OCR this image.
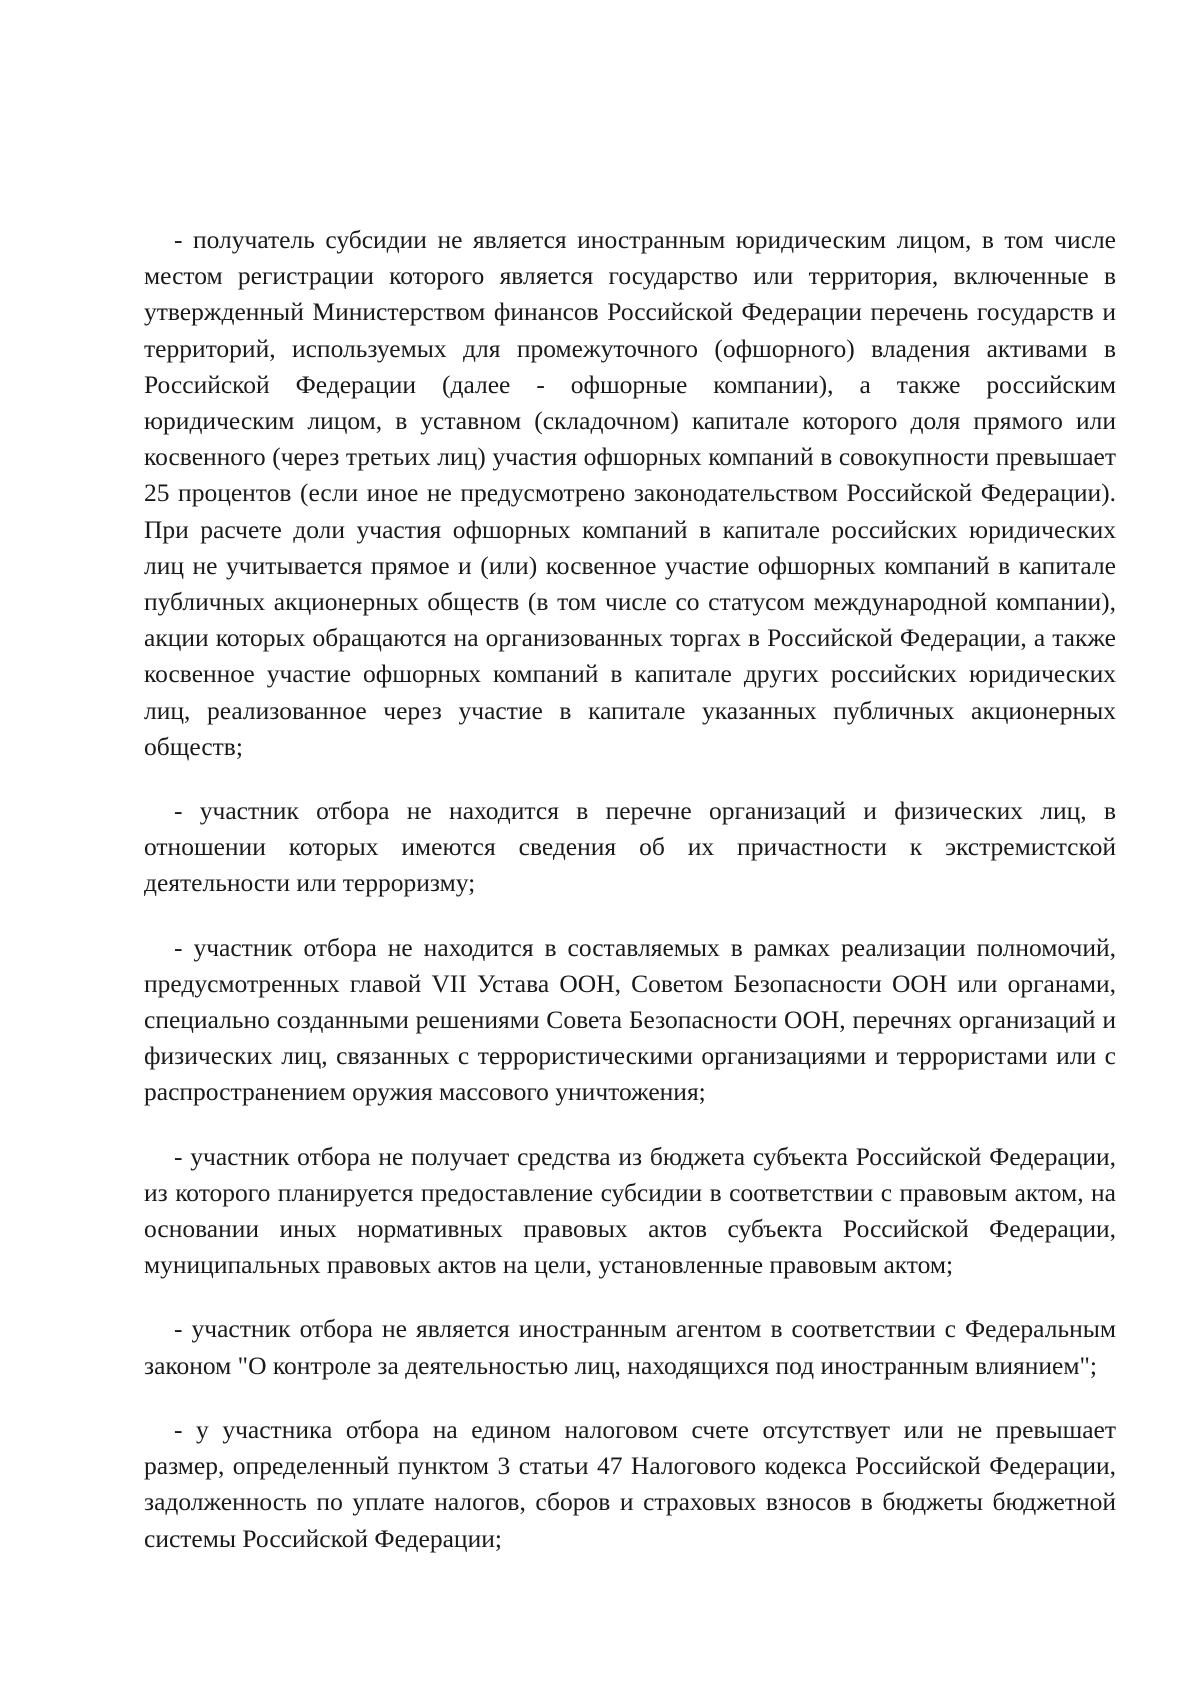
- получатель субсидии не является иностранным юридическим лицом, в том числе местом регистрации которого является государство или территория, включенные в утвержденный Министерством финансов Российской Федерации перечень государств и территорий, используемых для промежуточного (офшорного) владения активами в Российской Федерации (далее - офшорные компании), а также российским юридическим лицом, в уставном (складочном) капитале которого доля прямого или косвенного (через третьих лиц) участия офшорных компаний в совокупности превышает 25 процентов (если иное не предусмотрено законодательством Российской Федерации). При расчете доли участия офшорных компаний в капитале российских юридических лиц не учитывается прямое и (или) косвенное участие офшорных компаний в капитале публичных акционерных обществ (в том числе со статусом международной компании), акции которых обращаются на организованных торгах в Российской Федерации, а также косвенное участие офшорных компаний в капитале других российских юридических лиц, реализованное через участие в капитале указанных публичных акционерных обществ;

- участник отбора не находится в перечне организаций и физических лиц, в отношении которых имеются сведения об их причастности к экстремистской деятельности или терроризму;

- участник отбора не находится в составляемых в рамках реализации полномочий, предусмотренных главой VII Устава ООН, Советом Безопасности ООН или органами, специально созданными решениями Совета Безопасности ООН, перечнях организаций и физических лиц, связанных с террористическими организациями и террористами или с распространением оружия массового уничтожения;

- участник отбора не получает средства из бюджета субъекта Российской Федерации, из которого планируется предоставление субсидии в соответствии с правовым актом, на основании иных нормативных правовых актов субъекта Российской Федерации, муниципальных правовых актов на цели, установленные правовым актом;

- участник отбора не является иностранным агентом в соответствии с Федеральным законом "О контроле за деятельностью лиц, находящихся под иностранным влиянием";

- у участника отбора на едином налоговом счете отсутствует или не превышает размер, определенный пунктом 3 статьи 47 Налогового кодекса Российской Федерации, задолженность по уплате налогов, сборов и страховых взносов в бюджеты бюджетной системы Российской Федерации;
